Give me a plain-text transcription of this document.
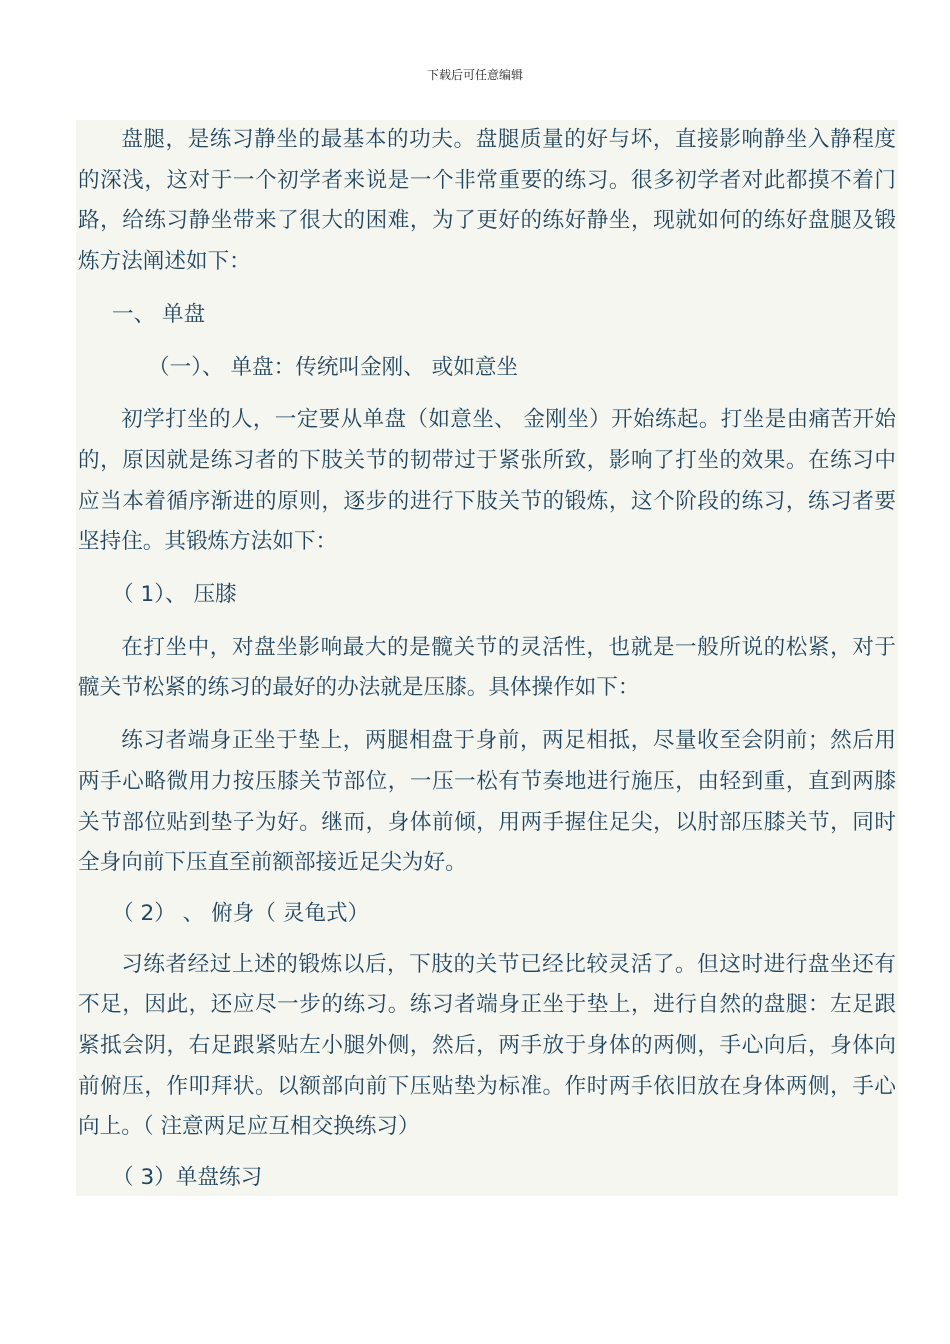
下载后可任意编辑

盘腿，是练习静坐的最基本的功夫。盘腿质量的好与坏，直接影响静坐入静程度的深浅，这对于一个初学者来说是一个非常重要的练习。很多初学者对此都摸不着门路，给练习静坐带来了很大的困难，为了更好的练好静坐，现就如何的练好盘腿及锻炼方法阐述如下：

一、 单盘

（一）、 单盘：传统叫金刚、 或如意坐

初学打坐的人，一定要从单盘（如意坐、 金刚坐）开始练起。打坐是由痛苦开始的，原因就是练习者的下肢关节的韧带过于紧张所致，影响了打坐的效果。在练习中应当本着循序渐进的原则，逐步的进行下肢关节的锻炼，这个阶段的练习，练习者要坚持住。其锻炼方法如下：

（ 1）、 压膝

在打坐中，对盘坐影响最大的是髋关节的灵活性，也就是一般所说的松紧，对于髋关节松紧的练习的最好的办法就是压膝。具体操作如下：

练习者端身正坐于垫上，两腿相盘于身前，两足相抵，尽量收至会阴前；然后用两手心略微用力按压膝关节部位，一压一松有节奏地进行施压，由轻到重，直到两膝关节部位贴到垫子为好。继而，身体前倾，用两手握住足尖，以肘部压膝关节，同时全身向前下压直至前额部接近足尖为好。

（ 2） 、 俯身（ 灵龟式）

习练者经过上述的锻炼以后，下肢的关节已经比较灵活了。但这时进行盘坐还有不足，因此，还应尽一步的练习。练习者端身正坐于垫上，进行自然的盘腿：左足跟紧抵会阴，右足跟紧贴左小腿外侧，然后，两手放于身体的两侧，手心向后，身体向前俯压，作叩拜状。以额部向前下压贴垫为标准。作时两手依旧放在身体两侧，手心向上。（ 注意两足应互相交换练习）

（ 3）单盘练习
